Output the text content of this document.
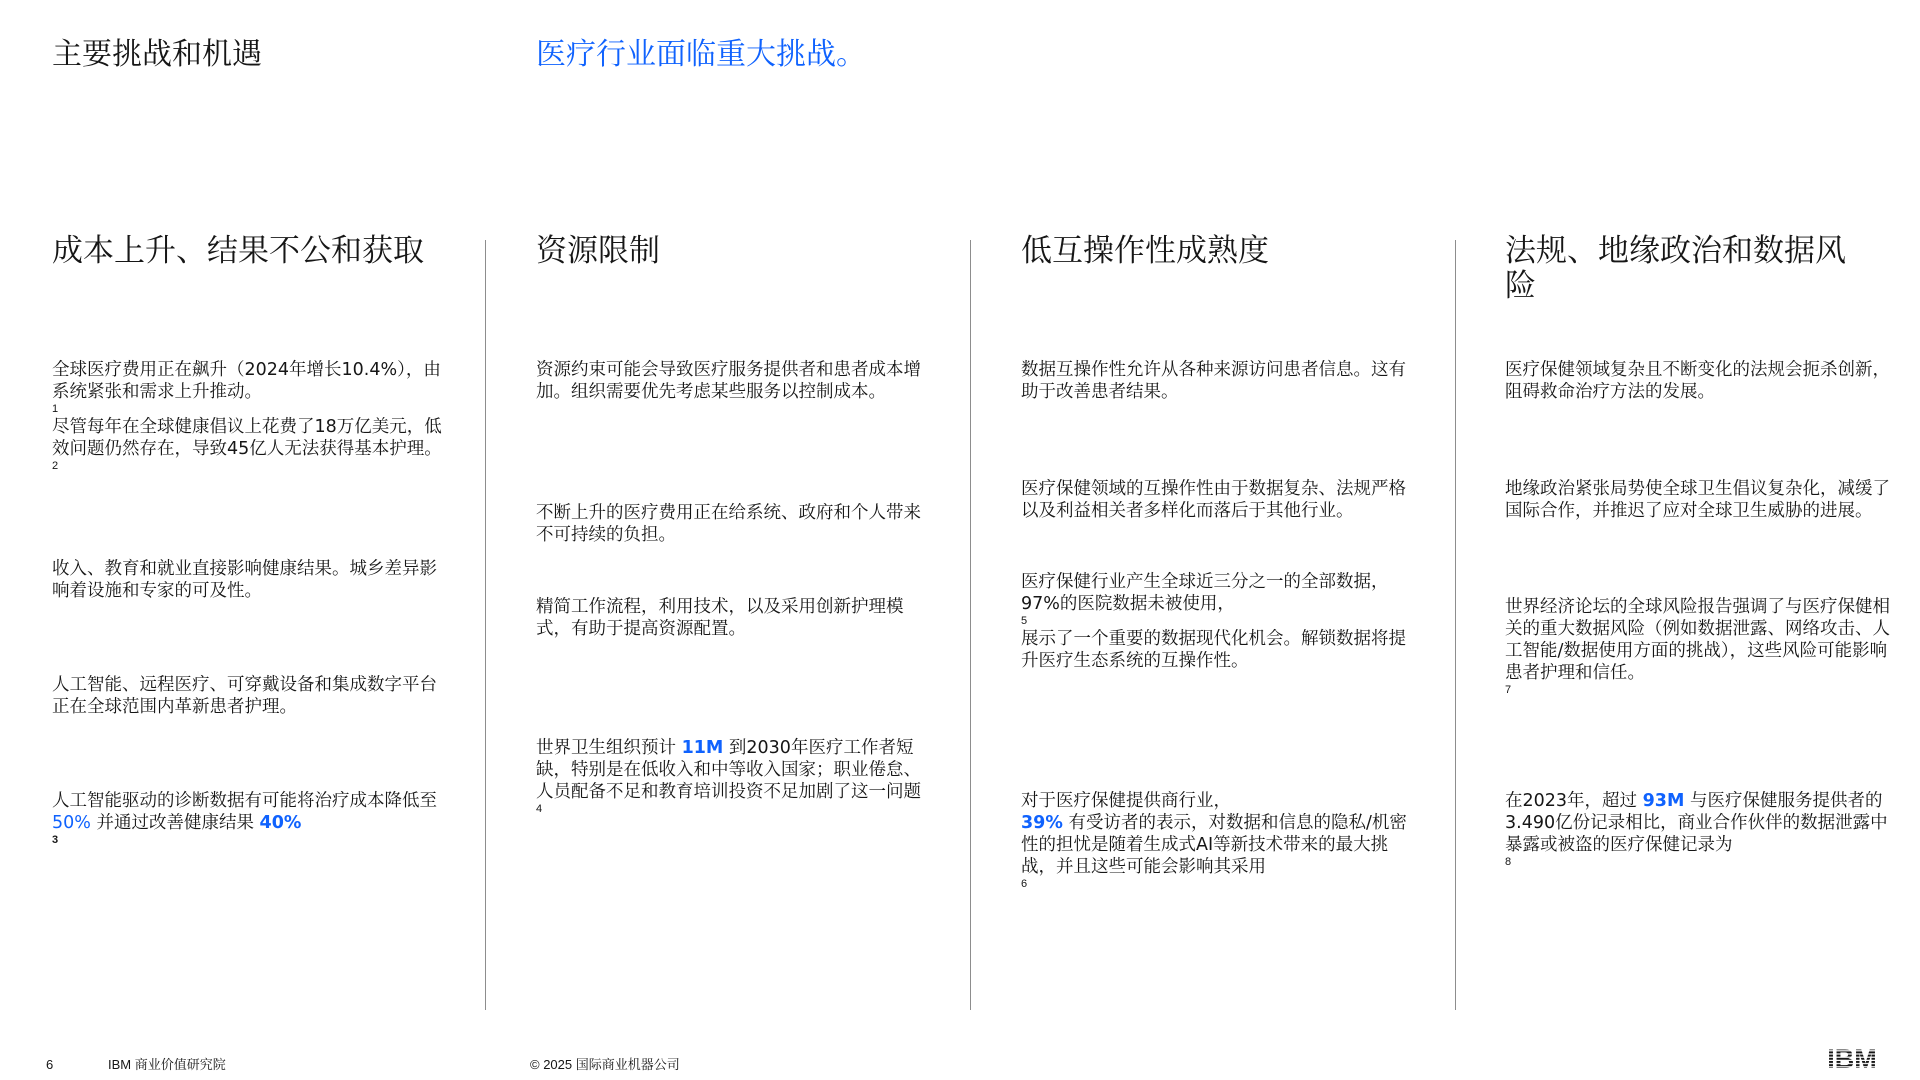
主要挑战和机遇	医疗行业面临重大挑战。
成本上升、结果不公和获取

全球医疗费用正在飙升（2024年增长10.4%），由系统紧张和需求上升推动。

1

尽管每年在全球健康倡议上花费了18万亿美元，低效问题仍然存在，导致45亿人无法获得基本护理。

2

收入、教育和就业直接影响健康结果。城乡差异影响着设施和专家的可及性。

人工智能、远程医疗、可穿戴设备和集成数字平台正在全球范围内革新患者护理。

人工智能驱动的诊断数据有可能将治疗成本降低至 50% 并通过改善健康结果 40%

3

资源限制

资源约束可能会导致医疗服务提供者和患者成本增加。组织需要优先考虑某些服务以控制成本。

不断上升的医疗费用正在给系统、政府和个人带来不可持续的负担。

精简工作流程，利用技术，以及采用创新护理模式，有助于提高资源配置。

世界卫生组织预计 11M 到2030年医疗工作者短缺，特别是在低收入和中等收入国家；职业倦怠、人员配备不足和教育培训投资不足加剧了这一问题

4

低互操作性成熟度

数据互操作性允许从各种来源访问患者信息。这有助于改善患者结果。

医疗保健领域的互操作性由于数据复杂、法规严格以及利益相关者多样化而落后于其他行业。

医疗保健行业产生全球近三分之一的全部数据，97%的医院数据未被使用，

5

展示了一个重要的数据现代化机会。解锁数据将提升医疗生态系统的互操作性。

对于医疗保健提供商行业，
39% 有受访者的表示，对数据和信息的隐私/机密性的担忧是随着生成式AI等新技术带来的最大挑战，并且这些可能会影响其采用

6

法规、地缘政治和数据风险

医疗保健领域复杂且不断变化的法规会扼杀创新，阻碍救命治疗方法的发展。

地缘政治紧张局势使全球卫生倡议复杂化，减缓了国际合作，并推迟了应对全球卫生威胁的进展。

世界经济论坛的全球风险报告强调了与医疗保健相关的重大数据风险（例如数据泄露、网络攻击、人工智能/数据使用方面的挑战），这些风险可能影响患者护理和信任。

7

在2023年，超过 93M 与医疗保健服务提供者的3.490亿份记录相比，商业合作伙伴的数据泄露中暴露或被盗的医疗保健记录为

8

6	IBM 商业价值研究院	© 2025 国际商业机器公司
